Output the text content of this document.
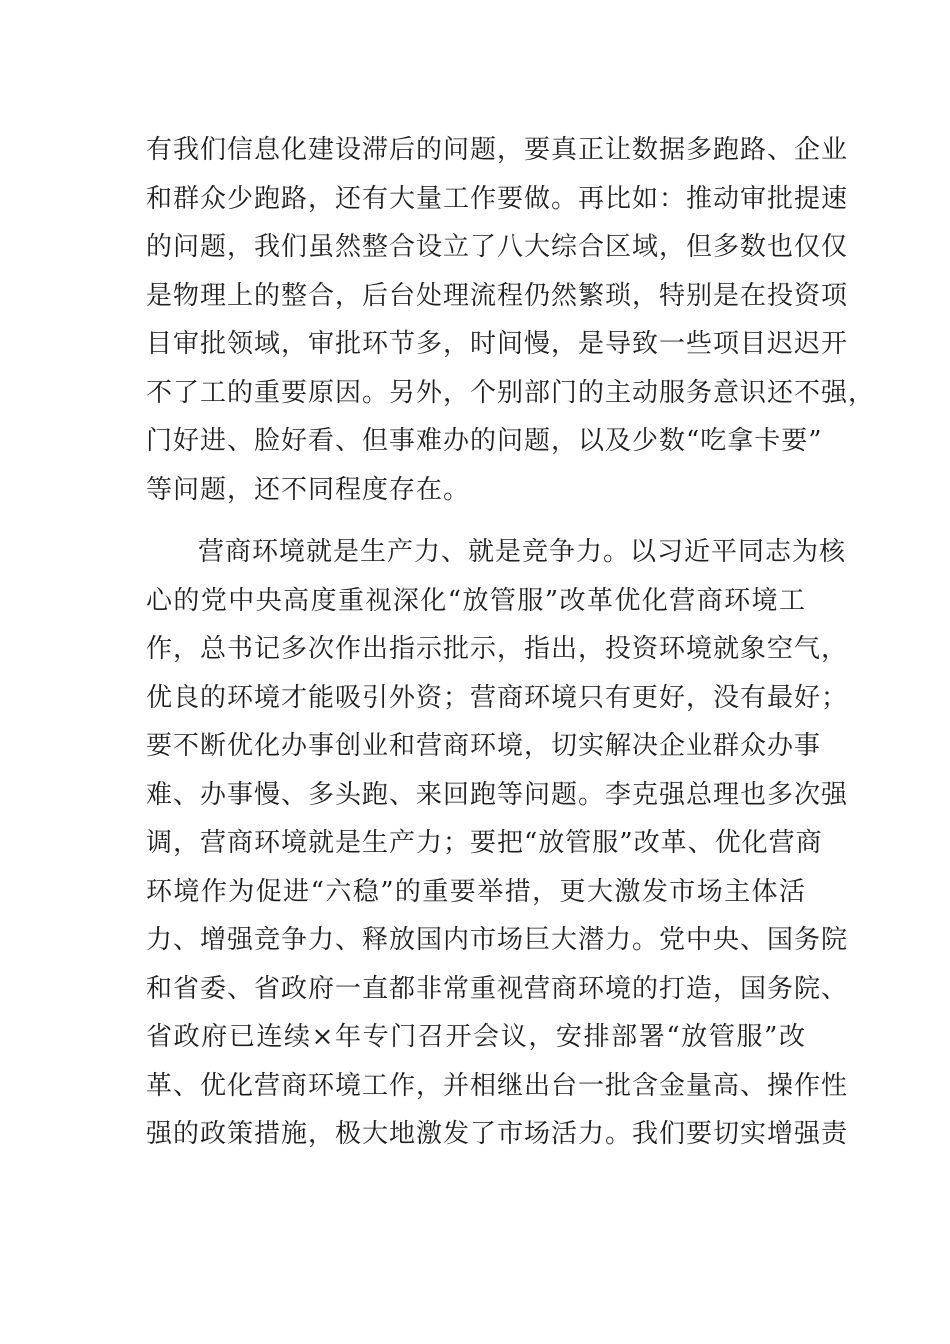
有我们信息化建设滞后的问题，要真正让数据多跑路、企业
和群众少跑路，还有大量工作要做。再比如：推动审批提速
的问题，我们虽然整合设立了八大综合区域，但多数也仅仅
是物理上的整合，后台处理流程仍然繁琐，特别是在投资项
目审批领域，审批环节多，时间慢，是导致一些项目迟迟开
不了工的重要原因。另外，个别部门的主动服务意识还不强，
门好进、脸好看、但事难办的问题，以及少数“吃拿卡要”
等问题，还不同程度存在。
营商环境就是生产力、就是竞争力。以习近平同志为核
心的党中央高度重视深化“放管服”改革优化营商环境工
作，总书记多次作出指示批示，指出，投资环境就象空气，
优良的环境才能吸引外资；营商环境只有更好，没有最好；
要不断优化办事创业和营商环境，切实解决企业群众办事
难、办事慢、多头跑、来回跑等问题。李克强总理也多次强
调，营商环境就是生产力；要把“放管服”改革、优化营商
环境作为促进“六稳”的重要举措，更大激发市场主体活
力、增强竞争力、释放国内市场巨大潜力。党中央、国务院
和省委、省政府一直都非常重视营商环境的打造，国务院、
省政府已连续×年专门召开会议，安排部署“放管服”改
革、优化营商环境工作，并相继出台一批含金量高、操作性
强的政策措施，极大地激发了市场活力。我们要切实增强责
